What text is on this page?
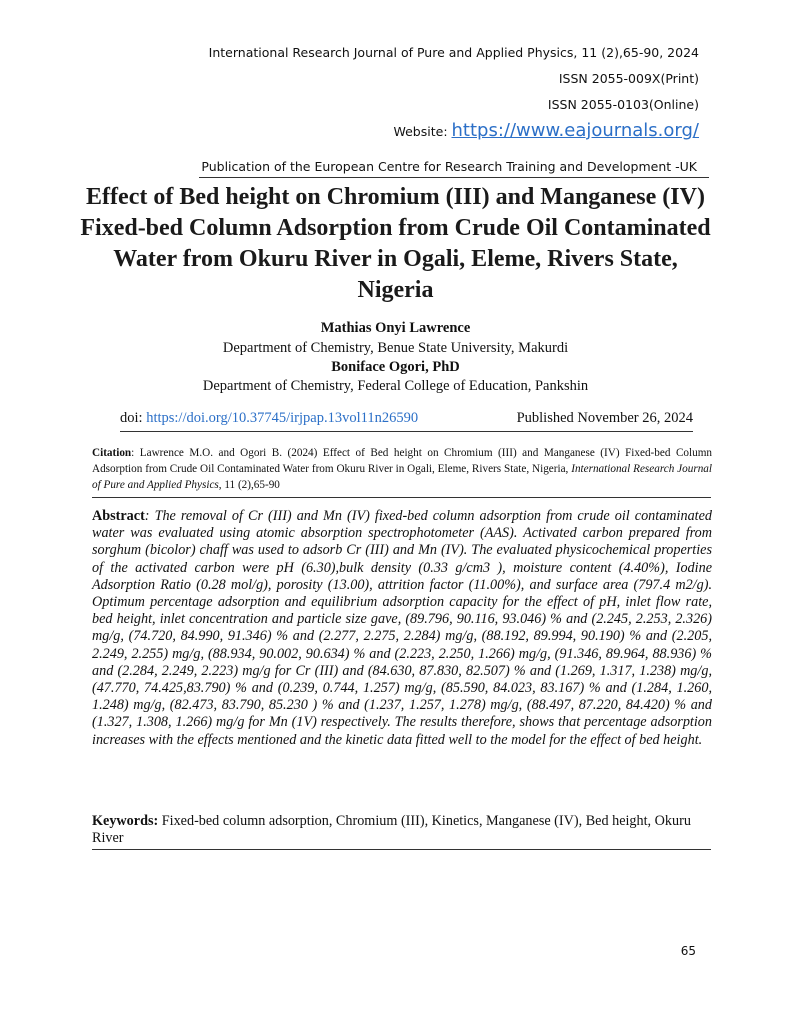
International Research Journal of Pure and Applied Physics, 11 (2),65-90, 2024
ISSN 2055-009X(Print)
ISSN 2055-0103(Online)
Website: https://www.eajournals.org/
Publication of the European Centre for Research Training and Development -UK
Effect of Bed height on Chromium (III) and Manganese (IV) Fixed-bed Column Adsorption from Crude Oil Contaminated Water from Okuru River in Ogali, Eleme, Rivers State, Nigeria
Mathias Onyi Lawrence
Department of Chemistry, Benue State University, Makurdi
Boniface Ogori, PhD
Department of Chemistry, Federal College of Education, Pankshin
doi: https://doi.org/10.37745/irjpap.13vol11n26590	Published November 26, 2024
Citation: Lawrence M.O. and Ogori B. (2024) Effect of Bed height on Chromium (III) and Manganese (IV) Fixed-bed Column Adsorption from Crude Oil Contaminated Water from Okuru River in Ogali, Eleme, Rivers State, Nigeria, International Research Journal of Pure and Applied Physics, 11 (2),65-90
Abstract: The removal of Cr (III) and Mn (IV) fixed-bed column adsorption from crude oil contaminated water was evaluated using atomic absorption spectrophotometer (AAS). Activated carbon prepared from sorghum (bicolor) chaff was used to adsorb Cr (III) and Mn (IV). The evaluated physicochemical properties of the activated carbon were pH (6.30),bulk density (0.33 g/cm3 ), moisture content (4.40%), Iodine Adsorption Ratio (0.28 mol/g), porosity (13.00), attrition factor (11.00%), and surface area (797.4 m2/g). Optimum percentage adsorption and equilibrium adsorption capacity for the effect of pH, inlet flow rate, bed height, inlet concentration and particle size gave, (89.796, 90.116, 93.046) % and (2.245, 2.253, 2.326) mg/g, (74.720, 84.990, 91.346) % and (2.277, 2.275, 2.284) mg/g, (88.192, 89.994, 90.190) % and (2.205, 2.249, 2.255) mg/g, (88.934, 90.002, 90.634) % and (2.223, 2.250, 1.266) mg/g, (91.346, 89.964, 88.936) % and (2.284, 2.249, 2.223) mg/g for Cr (III) and (84.630, 87.830, 82.507) % and (1.269, 1.317, 1.238) mg/g, (47.770, 74.425,83.790) % and (0.239, 0.744, 1.257) mg/g, (85.590, 84.023, 83.167) % and (1.284, 1.260, 1.248) mg/g, (82.473, 83.790, 85.230 ) % and (1.237, 1.257, 1.278) mg/g, (88.497, 87.220, 84.420) % and (1.327, 1.308, 1.266) mg/g for Mn (1V) respectively. The results therefore, shows that percentage adsorption increases with the effects mentioned and the kinetic data fitted well to the model for the effect of bed height.
Keywords: Fixed-bed column adsorption, Chromium (III), Kinetics, Manganese (IV), Bed height, Okuru River
65
